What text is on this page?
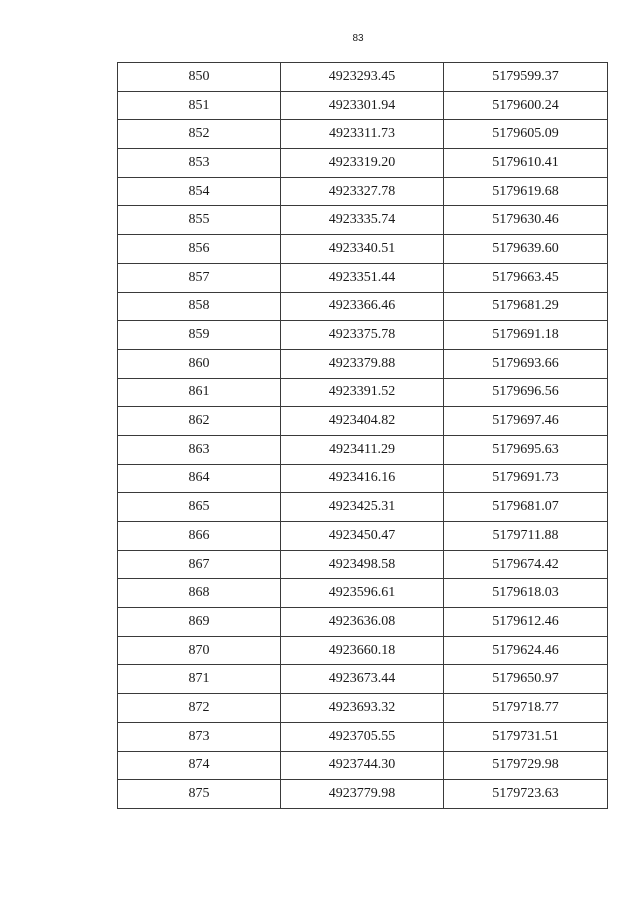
83
850	4923293.45	5179599.37
851	4923301.94	5179600.24
852	4923311.73	5179605.09
853	4923319.20	5179610.41
854	4923327.78	5179619.68
855	4923335.74	5179630.46
856	4923340.51	5179639.60
857	4923351.44	5179663.45
858	4923366.46	5179681.29
859	4923375.78	5179691.18
860	4923379.88	5179693.66
861	4923391.52	5179696.56
862	4923404.82	5179697.46
863	4923411.29	5179695.63
864	4923416.16	5179691.73
865	4923425.31	5179681.07
866	4923450.47	5179711.88
867	4923498.58	5179674.42
868	4923596.61	5179618.03
869	4923636.08	5179612.46
870	4923660.18	5179624.46
871	4923673.44	5179650.97
872	4923693.32	5179718.77
873	4923705.55	5179731.51
874	4923744.30	5179729.98
875	4923779.98	5179723.63
